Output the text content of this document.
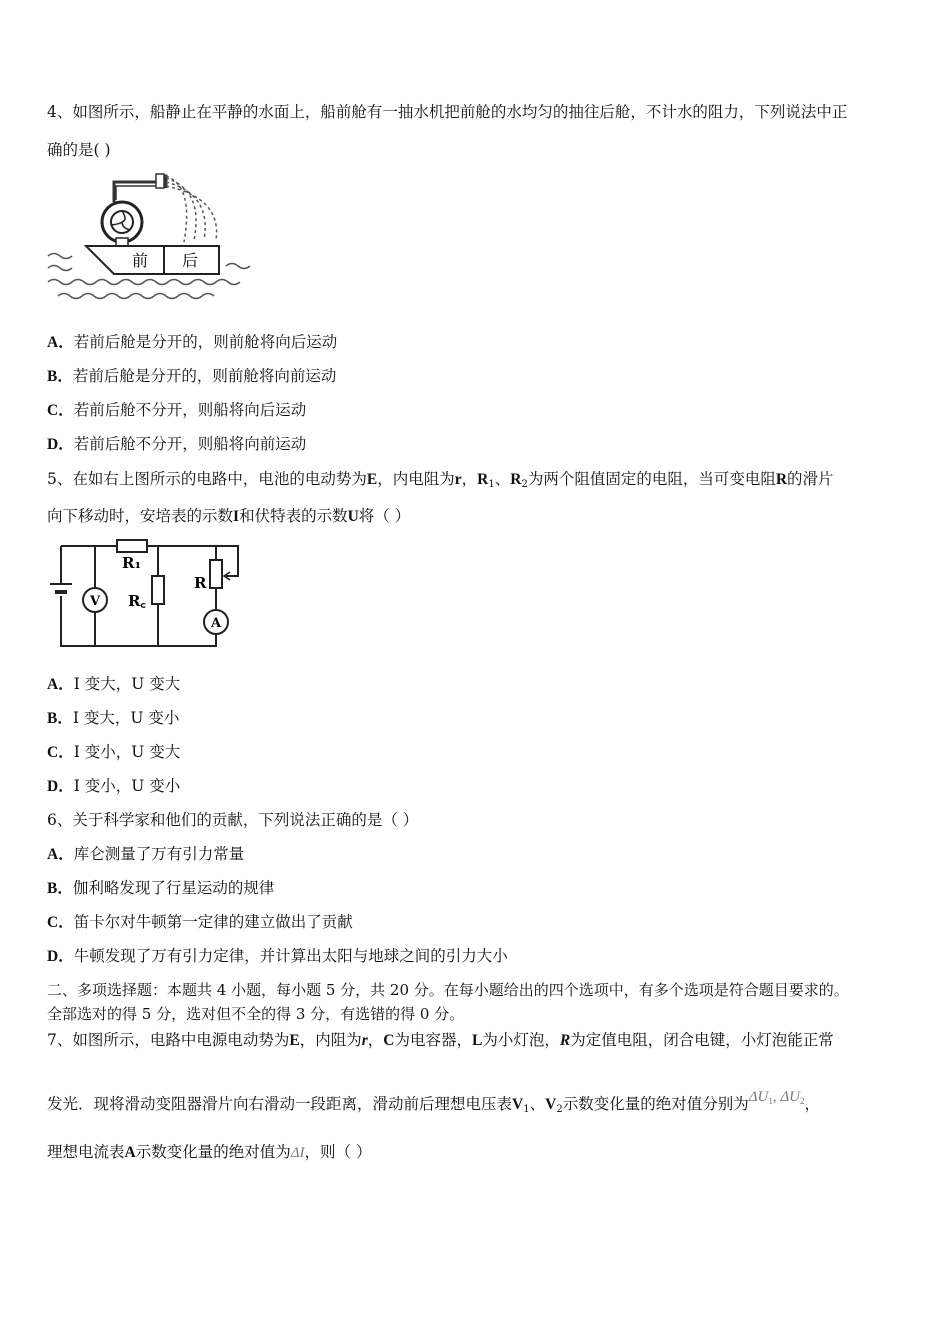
4、如图所示，船静止在平静的水面上，船前舱有一抽水机把前舱的水均匀的抽往后舱，不计水的阻力，下列说法中正
确的是( )
前 后
A．若前后舱是分开的，则前舱将向后运动
B．若前后舱是分开的，则前舱将向前运动
C．若前后舱不分开，则船将向后运动
D．若前后舱不分开，则船将向前运动
5、在如右上图所示的电路中，电池的电动势为E，内电阻为r，$R_1$、$R_2$为两个阻值固定的电阻，当可变电阻R的滑片
向下移动时，安培表的示数I和伏特表的示数U将（ ）
V
A
R₁
R꜀
R
A．I 变大，U 变大
B．I 变大，U 变小
C．I 变小，U 变大
D．I 变小，U 变小
6、关于科学家和他们的贡献，下列说法正确的是（ ）
A．库仑测量了万有引力常量
B．伽利略发现了行星运动的规律
C．笛卡尔对牛顿第一定律的建立做出了贡献
D．牛顿发现了万有引力定律，并计算出太阳与地球之间的引力大小
二、多项选择题：本题共 4 小题，每小题 5 分，共 20 分。在每小题给出的四个选项中，有多个选项是符合题目要求的。
全部选对的得 5 分，选对但不全的得 3 分，有选错的得 0 分。
7、如图所示，电路中电源电动势为E，内阻为r，C为电容器，L为小灯泡，R为定值电阻，闭合电键，小灯泡能正常
发光．现将滑动变阻器滑片向右滑动一段距离，滑动前后理想电压表$V_1$、$V_2$示数变化量的绝对值分别为$\Delta U_1$, $\Delta U_2$，
理想电流表A示数变化量的绝对值为ΔI，则（ ）
